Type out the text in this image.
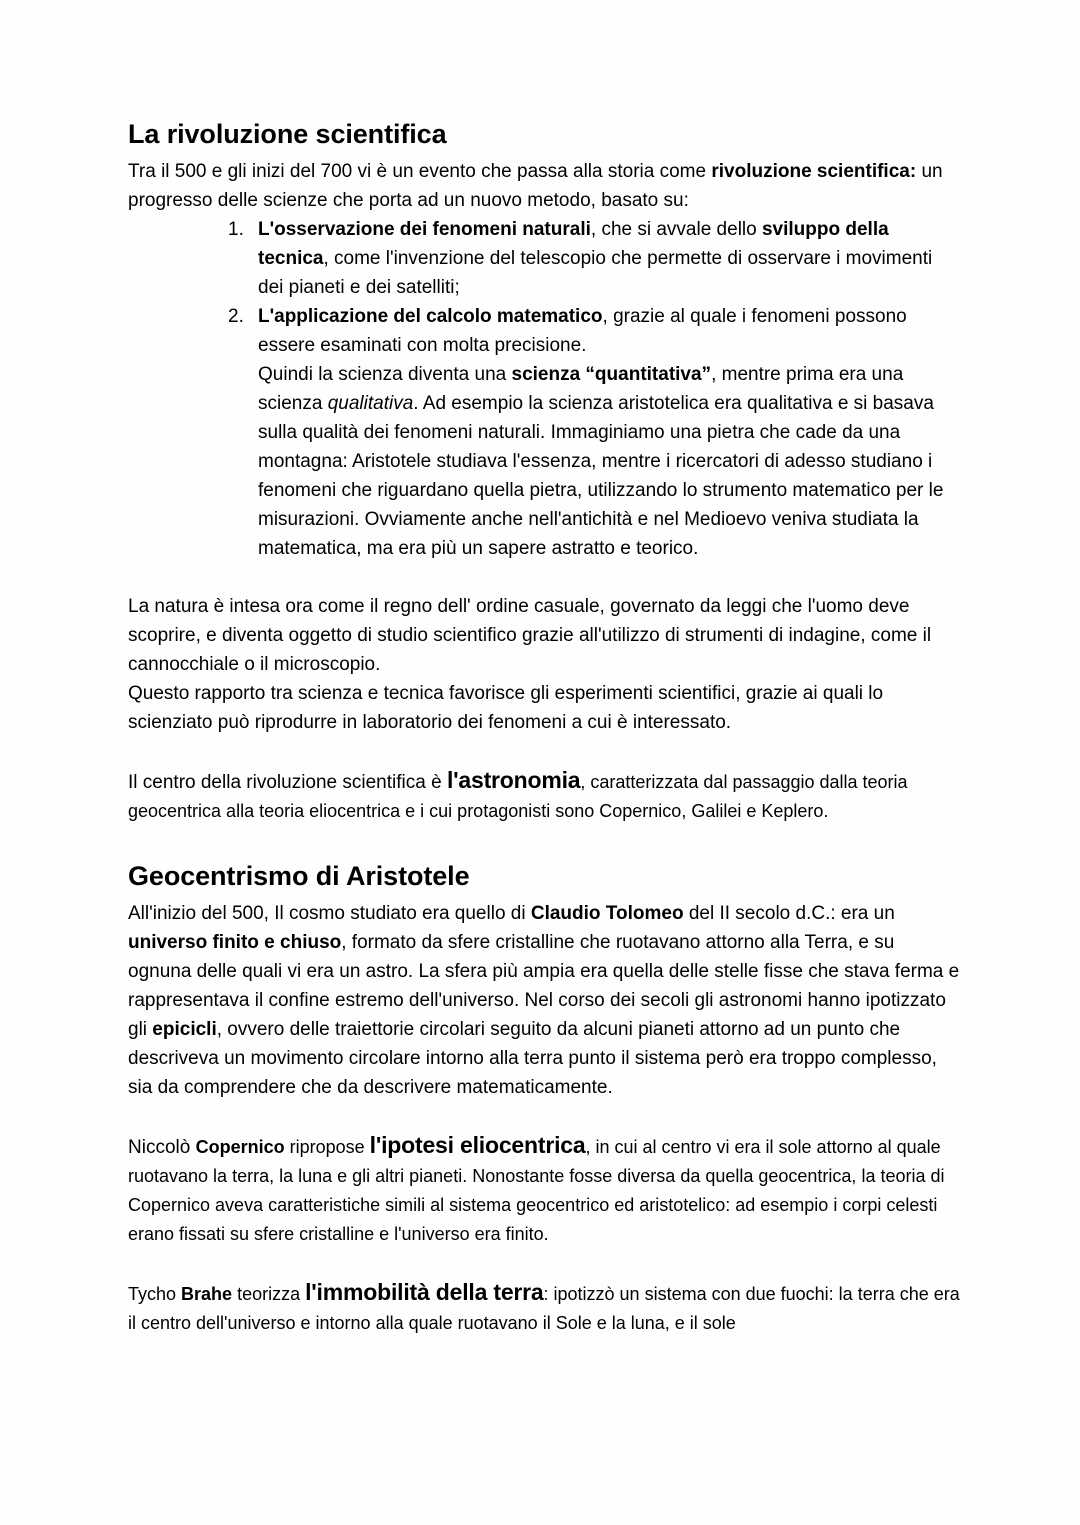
La rivoluzione scientifica

Tra il 500 e gli inizi del 700 vi è un evento che passa alla storia come rivoluzione scientifica: un progresso delle scienze che porta ad un nuovo metodo, basato su:

L'osservazione dei fenomeni naturali, che si avvale dello sviluppo della tecnica, come l'invenzione del telescopio che permette di osservare i movimenti dei pianeti e dei satelliti;
L'applicazione del calcolo matematico, grazie al quale i fenomeni possono essere esaminati con molta precisione.
Quindi la scienza diventa una scienza “quantitativa”, mentre prima era una scienza qualitativa. Ad esempio la scienza aristotelica era qualitativa e si basava sulla qualità dei fenomeni naturali. Immaginiamo una pietra che cade da una montagna: Aristotele studiava l'essenza, mentre i ricercatori di adesso studiano i fenomeni che riguardano quella pietra, utilizzando lo strumento matematico per le misurazioni. Ovviamente anche nell'antichità e nel Medioevo veniva studiata la matematica, ma era più un sapere astratto e teorico.

La natura è intesa ora come il regno dell' ordine casuale, governato da leggi che l'uomo deve scoprire, e diventa oggetto di studio scientifico grazie all'utilizzo di strumenti di indagine, come il cannocchiale o il microscopio.

Questo rapporto tra scienza e tecnica favorisce gli esperimenti scientifici, grazie ai quali lo scienziato può riprodurre in laboratorio dei fenomeni a cui è interessato.

Il centro della rivoluzione scientifica è l'astronomia, caratterizzata dal passaggio dalla teoria geocentrica alla teoria eliocentrica e i cui protagonisti sono Copernico, Galilei e Keplero.

Geocentrismo di Aristotele

All'inizio del 500, Il cosmo studiato era quello di Claudio Tolomeo del II secolo d.C.: era un universo finito e chiuso, formato da sfere cristalline che ruotavano attorno alla Terra, e su ognuna delle quali vi era un astro. La sfera più ampia era quella delle stelle fisse che stava ferma e rappresentava il confine estremo dell'universo. Nel corso dei secoli gli astronomi hanno ipotizzato gli epicicli, ovvero delle traiettorie circolari seguito da alcuni pianeti attorno ad un punto che descriveva un movimento circolare intorno alla terra punto il sistema però era troppo complesso, sia da comprendere che da descrivere matematicamente.

Niccolò Copernico ripropose l'ipotesi eliocentrica, in cui al centro vi era il sole attorno al quale ruotavano la terra, la luna e gli altri pianeti. Nonostante fosse diversa da quella geocentrica, la teoria di Copernico aveva caratteristiche simili al sistema geocentrico ed aristotelico: ad esempio i corpi celesti erano fissati su sfere cristalline e l'universo era finito.

Tycho Brahe teorizza l'immobilità della terra: ipotizzò un sistema con due fuochi: la terra che era il centro dell'universo e intorno alla quale ruotavano il Sole e la luna, e il sole
